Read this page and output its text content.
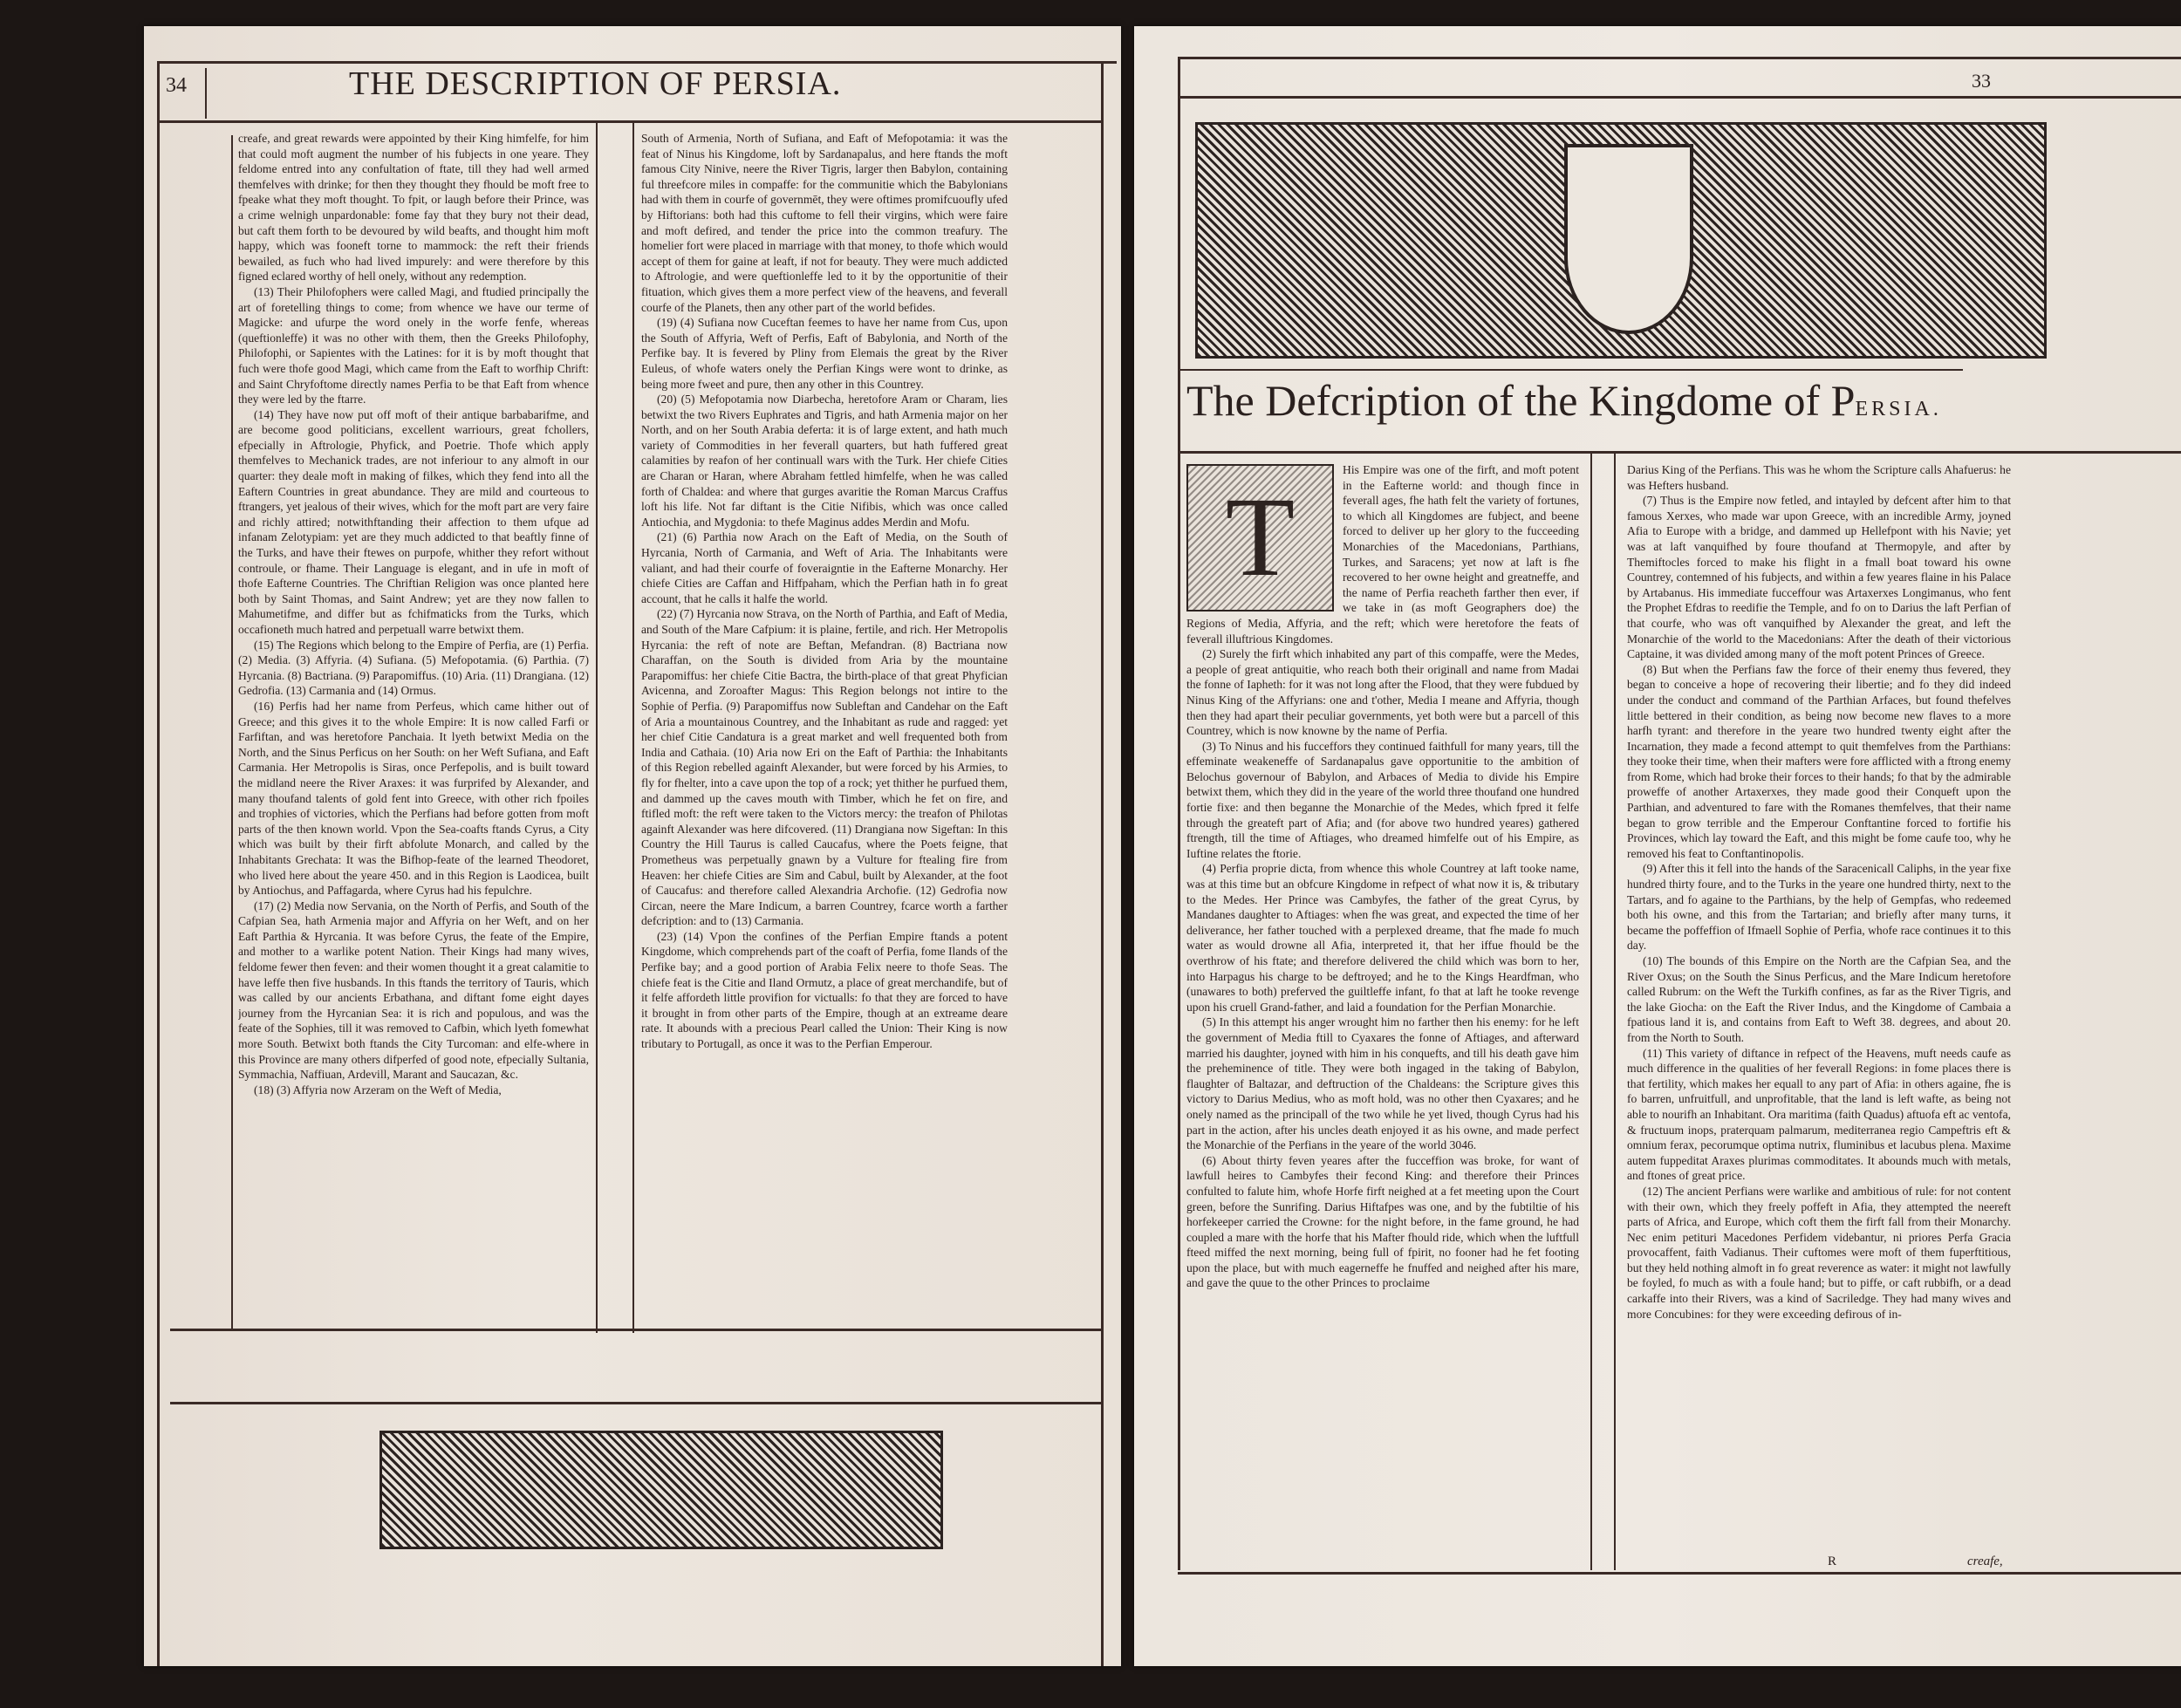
34	THE DESCRIPTION OF PERSIA.

creafe, and great rewards were appointed by their King himfelfe, for him that could moft augment the number of his fubjects in one yeare. They feldome entred into any confultation of ftate, till they had well armed themfelves with drinke; for then they thought they fhould be moft free to fpeake what they moft thought. To fpit, or laugh before their Prince, was a crime welnigh unpardonable: fome fay that they bury not their dead, but caft them forth to be devoured by wild beafts, and thought him moft happy, which was fooneft torne to mammock: the reft their friends bewailed, as fuch who had lived impurely: and were therefore by this figned eclared worthy of hell onely, without any redemption.

(13) Their Philofophers were called Magi, and ftudied principally the art of foretelling things to come; from whence we have our terme of Magicke: and ufurpe the word onely in the worfe fenfe, whereas (queftionleffe) it was no other with them, then the Greeks Philofophy, Philofophi, or Sapientes with the Latines: for it is by moft thought that fuch were thofe good Magi, which came from the Eaft to worfhip Chrift: and Saint Chryfoftome directly names Perfia to be that Eaft from whence they were led by the ftarre.

(14) They have now put off moft of their antique barbabarifme, and are become good politicians, excellent warriours, great fchollers, efpecially in Aftrologie, Phyfick, and Poetrie. Thofe which apply themfelves to Mechanick trades, are not inferiour to any almoft in our quarter: they deale moft in making of filkes, which they fend into all the Eaftern Countries in great abundance. They are mild and courteous to ftrangers, yet jealous of their wives, which for the moft part are very faire and richly attired; notwithftanding their affection to them ufque ad infanam Zelotypiam: yet are they much addicted to that beaftly finne of the Turks, and have their ftewes on purpofe, whither they refort without controule, or fhame. Their Language is elegant, and in ufe in moft of thofe Eafterne Countries. The Chriftian Religion was once planted here both by Saint Thomas, and Saint Andrew; yet are they now fallen to Mahumetifme, and differ but as fchifmaticks from the Turks, which occafioneth much hatred and perpetuall warre betwixt them.

(15) The Regions which belong to the Empire of Perfia, are (1) Perfia. (2) Media. (3) Affyria. (4) Sufiana. (5) Mefopotamia. (6) Parthia. (7) Hyrcania. (8) Bactriana. (9) Parapomiffus. (10) Aria. (11) Drangiana. (12) Gedrofia. (13) Carmania and (14) Ormus.

(16) Perfis had her name from Perfeus, which came hither out of Greece; and this gives it to the whole Empire: It is now called Farfi or Farfiftan, and was heretofore Panchaia. It lyeth betwixt Media on the North, and the Sinus Perficus on her South: on her Weft Sufiana, and Eaft Carmania. Her Metropolis is Siras, once Perfepolis, and is built toward the midland neere the River Araxes: it was furprifed by Alexander, and many thoufand talents of gold fent into Greece, with other rich fpoiles and trophies of victories, which the Perfians had before gotten from moft parts of the then known world. Vpon the Sea-coafts ftands Cyrus, a City which was built by their firft abfolute Monarch, and called by the Inhabitants Grechata: It was the Bifhop-feate of the learned Theodoret, who lived here about the yeare 450. and in this Region is Laodicea, built by Antiochus, and Paffagarda, where Cyrus had his fepulchre.

(17) (2) Media now Servania, on the North of Perfis, and South of the Cafpian Sea, hath Armenia major and Affyria on her Weft, and on her Eaft Parthia & Hyrcania. It was before Cyrus, the feate of the Empire, and mother to a warlike potent Nation. Their Kings had many wives, feldome fewer then feven: and their women thought it a great calamitie to have leffe then five husbands. In this ftands the territory of Tauris, which was called by our ancients Erbathana, and diftant fome eight dayes journey from the Hyrcanian Sea: it is rich and populous, and was the feate of the Sophies, till it was removed to Cafbin, which lyeth fomewhat more South. Betwixt both ftands the City Turcoman: and elfe-where in this Province are many others difperfed of good note, efpecially Sultania, Symmachia, Naffiuan, Ardevill, Marant and Saucazan, &c.

(18) (3) Affyria now Arzeram on the Weft of Media,

South of Armenia, North of Sufiana, and Eaft of Mefopotamia: it was the feat of Ninus his Kingdome, loft by Sardanapalus, and here ftands the moft famous City Ninive, neere the River Tigris, larger then Babylon, containing ful threefcore miles in compaffe: for the communitie which the Babylonians had with them in courfe of governmēt, they were oftimes promifcuoufly ufed by Hiftorians: both had this cuftome to fell their virgins, which were faire and moft defired, and tender the price into the common treafury. The homelier fort were placed in marriage with that money, to thofe which would accept of them for gaine at leaft, if not for beauty. They were much addicted to Aftrologie, and were queftionleffe led to it by the opportunitie of their fituation, which gives them a more perfect view of the heavens, and feverall courfe of the Planets, then any other part of the world befides.

(19) (4) Sufiana now Cuceftan feemes to have her name from Cus, upon the South of Affyria, Weft of Perfis, Eaft of Babylonia, and North of the Perfike bay. It is fevered by Pliny from Elemais the great by the River Euleus, of whofe waters onely the Perfian Kings were wont to drinke, as being more fweet and pure, then any other in this Countrey.

(20) (5) Mefopotamia now Diarbecha, heretofore Aram or Charam, lies betwixt the two Rivers Euphrates and Tigris, and hath Armenia major on her North, and on her South Arabia deferta: it is of large extent, and hath much variety of Commodities in her feverall quarters, but hath fuffered great calamities by reafon of her continuall wars with the Turk. Her chiefe Cities are Charan or Haran, where Abraham fettled himfelfe, when he was called forth of Chaldea: and where that gurges avaritie the Roman Marcus Craffus loft his life. Not far diftant is the Citie Nifibis, which was once called Antiochia, and Mygdonia: to thefe Maginus addes Merdin and Mofu.

(21) (6) Parthia now Arach on the Eaft of Media, on the South of Hyrcania, North of Carmania, and Weft of Aria. The Inhabitants were valiant, and had their courfe of foveraigntie in the Eafterne Monarchy. Her chiefe Cities are Caffan and Hiffpaham, which the Perfian hath in fo great account, that he calls it halfe the world.

(22) (7) Hyrcania now Strava, on the North of Parthia, and Eaft of Media, and South of the Mare Cafpium: it is plaine, fertile, and rich. Her Metropolis Hyrcania: the reft of note are Beftan, Mefandran. (8) Bactriana now Charaffan, on the South is divided from Aria by the mountaine Parapomiffus: her chiefe Citie Bactra, the birth-place of that great Phyfician Avicenna, and Zoroafter Magus: This Region belongs not intire to the Sophie of Perfia. (9) Parapomiffus now Subleftan and Candehar on the Eaft of Aria a mountainous Countrey, and the Inhabitant as rude and ragged: yet her chief Citie Candatura is a great market and well frequented both from India and Cathaia. (10) Aria now Eri on the Eaft of Parthia: the Inhabitants of this Region rebelled againft Alexander, but were forced by his Armies, to fly for fhelter, into a cave upon the top of a rock; yet thither he purfued them, and dammed up the caves mouth with Timber, which he fet on fire, and ftifled moft: the reft were taken to the Victors mercy: the treafon of Philotas againft Alexander was here difcovered. (11) Drangiana now Sigeftan: In this Country the Hill Taurus is called Caucafus, where the Poets feigne, that Prometheus was perpetually gnawn by a Vulture for ftealing fire from Heaven: her chiefe Cities are Sim and Cabul, built by Alexander, at the foot of Caucafus: and therefore called Alexandria Archofie. (12) Gedrofia now Circan, neere the Mare Indicum, a barren Countrey, fcarce worth a farther defcription: and to (13) Carmania.

(23) (14) Vpon the confines of the Perfian Empire ftands a potent Kingdome, which comprehends part of the coaft of Perfia, fome Ilands of the Perfike bay; and a good portion of Arabia Felix neere to thofe Seas. The chiefe feat is the Citie and Iland Ormutz, a place of great merchandife, but of it felfe affordeth little provifion for victualls: fo that they are forced to have it brought in from other parts of the Empire, though at an extreame deare rate. It abounds with a precious Pearl called the Union: Their King is now tributary to Portugall, as once it was to the Perfian Emperour.

33
The Defcription of the Kingdome of PERSIA.
T

His Empire was one of the firft, and moft potent in the Eafterne world: and though fince in feverall ages, fhe hath felt the variety of fortunes, to which all Kingdomes are fubject, and beene forced to deliver up her glory to the fucceeding Monarchies of the Macedonians, Parthians, Turkes, and Saracens; yet now at laft is fhe recovered to her owne height and greatneffe, and the name of Perfia reacheth farther then ever, if we take in (as moft Geographers doe) the Regions of Media, Affyria, and the reft; which were heretofore the feats of feverall illuftrious Kingdomes.

(2) Surely the firft which inhabited any part of this compaffe, were the Medes, a people of great antiquitie, who reach both their originall and name from Madai the fonne of Iapheth: for it was not long after the Flood, that they were fubdued by Ninus King of the Affyrians: one and t'other, Media I meane and Affyria, though then they had apart their peculiar governments, yet both were but a parcell of this Countrey, which is now knowne by the name of Perfia.

(3) To Ninus and his fucceffors they continued faithfull for many years, till the effeminate weakeneffe of Sardanapalus gave opportunitie to the ambition of Belochus governour of Babylon, and Arbaces of Media to divide his Empire betwixt them, which they did in the yeare of the world three thoufand one hundred fortie fixe: and then beganne the Monarchie of the Medes, which fpred it felfe through the greateft part of Afia; and (for above two hundred yeares) gathered ftrength, till the time of Aftiages, who dreamed himfelfe out of his Empire, as Iuftine relates the ftorie.

(4) Perfia proprie dicta, from whence this whole Countrey at laft tooke name, was at this time but an obfcure Kingdome in refpect of what now it is, & tributary to the Medes. Her Prince was Cambyfes, the father of the great Cyrus, by Mandanes daughter to Aftiages: when fhe was great, and expected the time of her deliverance, her father touched with a perplexed dreame, that fhe made fo much water as would drowne all Afia, interpreted it, that her iffue fhould be the overthrow of his ftate; and therefore delivered the child which was born to her, into Harpagus his charge to be deftroyed; and he to the Kings Heardfman, who (unawares to both) preferved the guiltleffe infant, fo that at laft he tooke revenge upon his cruell Grand-father, and laid a foundation for the Perfian Monarchie.

(5) In this attempt his anger wrought him no farther then his enemy: for he left the government of Media ftill to Cyaxares the fonne of Aftiages, and afterward married his daughter, joyned with him in his conquefts, and till his death gave him the preheminence of title. They were both ingaged in the taking of Babylon, flaughter of Baltazar, and deftruction of the Chaldeans: the Scripture gives this victory to Darius Medius, who as moft hold, was no other then Cyaxares; and he onely named as the principall of the two while he yet lived, though Cyrus had his part in the action, after his uncles death enjoyed it as his owne, and made perfect the Monarchie of the Perfians in the yeare of the world 3046.

(6) About thirty feven yeares after the fucceffion was broke, for want of lawfull heires to Cambyfes their fecond King: and therefore their Princes confulted to falute him, whofe Horfe firft neighed at a fet meeting upon the Court green, before the Sunrifing. Darius Hiftafpes was one, and by the fubtiltie of his horfekeeper carried the Crowne: for the night before, in the fame ground, he had coupled a mare with the horfe that his Mafter fhould ride, which when the luftfull fteed miffed the next morning, being full of fpirit, no fooner had he fet footing upon the place, but with much eagerneffe he fnuffed and neighed after his mare, and gave the quue to the other Princes to proclaime

Darius King of the Perfians. This was he whom the Scripture calls Ahafuerus: he was Hefters husband.

(7) Thus is the Empire now fetled, and intayled by defcent after him to that famous Xerxes, who made war upon Greece, with an incredible Army, joyned Afia to Europe with a bridge, and dammed up Hellefpont with his Navie; yet was at laft vanquifhed by foure thoufand at Thermopyle, and after by Themiftocles forced to make his flight in a fmall boat toward his owne Countrey, contemned of his fubjects, and within a few yeares flaine in his Palace by Artabanus. His immediate fucceffour was Artaxerxes Longimanus, who fent the Prophet Efdras to reedifie the Temple, and fo on to Darius the laft Perfian of that courfe, who was oft vanquifhed by Alexander the great, and left the Monarchie of the world to the Macedonians: After the death of their victorious Captaine, it was divided among many of the moft potent Princes of Greece.

(8) But when the Perfians faw the force of their enemy thus fevered, they began to conceive a hope of recovering their libertie; and fo they did indeed under the conduct and command of the Parthian Arfaces, but found thefelves little bettered in their condition, as being now become new flaves to a more harfh tyrant: and therefore in the yeare two hundred twenty eight after the Incarnation, they made a fecond attempt to quit themfelves from the Parthians: they tooke their time, when their mafters were fore afflicted with a ftrong enemy from Rome, which had broke their forces to their hands; fo that by the admirable proweffe of another Artaxerxes, they made good their Conqueft upon the Parthian, and adventured to fare with the Romanes themfelves, that their name began to grow terrible and the Emperour Conftantine forced to fortifie his Provinces, which lay toward the Eaft, and this might be fome caufe too, why he removed his feat to Conftantinopolis.

(9) After this it fell into the hands of the Saracenicall Caliphs, in the year fixe hundred thirty foure, and to the Turks in the yeare one hundred thirty, next to the Tartars, and fo againe to the Parthians, by the help of Gempfas, who redeemed both his owne, and this from the Tartarian; and briefly after many turns, it became the poffeffion of Ifmaell Sophie of Perfia, whofe race continues it to this day.

(10) The bounds of this Empire on the North are the Cafpian Sea, and the River Oxus; on the South the Sinus Perficus, and the Mare Indicum heretofore called Rubrum: on the Weft the Turkifh confines, as far as the River Tigris, and the lake Giocha: on the Eaft the River Indus, and the Kingdome of Cambaia a fpatious land it is, and contains from Eaft to Weft 38. degrees, and about 20. from the North to South.

(11) This variety of diftance in refpect of the Heavens, muft needs caufe as much difference in the qualities of her feverall Regions: in fome places there is that fertility, which makes her equall to any part of Afia: in others againe, fhe is fo barren, unfruitfull, and unprofitable, that the land is left wafte, as being not able to nourifh an Inhabitant. Ora maritima (faith Quadus) aftuofa eft ac ventofa, & fructuum inops, praterquam palmarum, mediterranea regio Campeftris eft & omnium ferax, pecorumque optima nutrix, fluminibus et lacubus plena. Maxime autem fuppeditat Araxes plurimas commoditates. It abounds much with metals, and ftones of great price.

(12) The ancient Perfians were warlike and ambitious of rule: for not content with their own, which they freely poffeft in Afia, they attempted the neereft parts of Africa, and Europe, which coft them the firft fall from their Monarchy. Nec enim petituri Macedones Perfidem videbantur, ni priores Perfa Gracia provocaffent, faith Vadianus. Their cuftomes were moft of them fuperftitious, but they held nothing almoft in fo great reverence as water: it might not lawfully be foyled, fo much as with a foule hand; but to piffe, or caft rubbifh, or a dead carkaffe into their Rivers, was a kind of Sacriledge. They had many wives and more Concubines: for they were exceeding defirous of in-

R	creafe,
